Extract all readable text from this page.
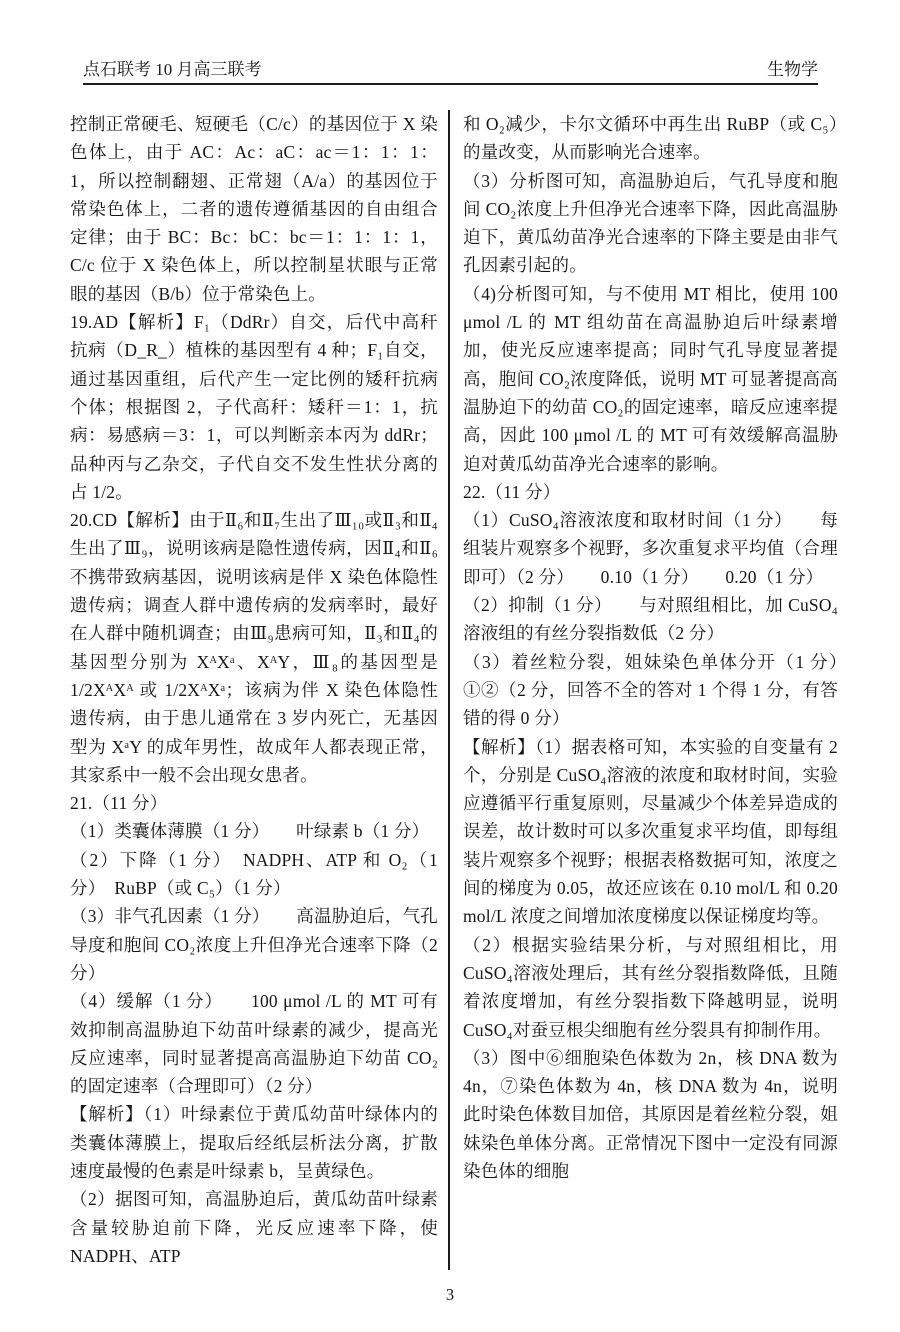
点石联考 10 月高三联考	生物学

控制正常硬毛、短硬毛（C/c）的基因位于 X 染色体上，由于 AC：Ac：aC：ac＝1：1：1：1，所以控制翻翅、正常翅（A/a）的基因位于常染色体上，二者的遗传遵循基因的自由组合定律；由于 BC：Bc：bC：bc＝1：1：1：1，C/c 位于 X 染色体上，所以控制星状眼与正常眼的基因（B/b）位于常染色上。

19.AD【解析】F₁（DdRr）自交，后代中高秆抗病（D_R_）植株的基因型有 4 种；F₁自交，通过基因重组，后代产生一定比例的矮秆抗病个体；根据图 2，子代高秆：矮秆＝1：1，抗病：易感病＝3：1，可以判断亲本丙为 ddRr；品种丙与乙杂交，子代自交不发生性状分离的占 1/2。

20.CD【解析】由于Ⅱ₆和Ⅱ₇生出了Ⅲ₁₀或Ⅱ₃和Ⅱ₄生出了Ⅲ₉，说明该病是隐性遗传病，因Ⅱ₄和Ⅱ₆不携带致病基因，说明该病是伴 X 染色体隐性遗传病；调查人群中遗传病的发病率时，最好在人群中随机调查；由Ⅲ₉患病可知，Ⅱ₃和Ⅱ₄的基因型分别为 XᴬXᵃ、XᴬY，Ⅲ₈的基因型是 1/2XᴬXᴬ 或 1/2XᴬXᵃ；该病为伴 X 染色体隐性遗传病，由于患儿通常在 3 岁内死亡，无基因型为 XᵃY 的成年男性，故成年人都表现正常，其家系中一般不会出现女患者。

21.（11 分）

（1）类囊体薄膜（1 分）　　叶绿素 b（1 分）

（2）下降（1 分）　NADPH、ATP 和 O₂（1 分）　RuBP（或 C₅）（1 分）

（3）非气孔因素（1 分）　　高温胁迫后，气孔导度和胞间 CO₂浓度上升但净光合速率下降（2 分）

（4）缓解（1 分）　　100 μmol /L 的 MT 可有效抑制高温胁迫下幼苗叶绿素的减少，提高光反应速率，同时显著提高高温胁迫下幼苗 CO₂的固定速率（合理即可）（2 分）

【解析】（1）叶绿素位于黄瓜幼苗叶绿体内的类囊体薄膜上，提取后经纸层析法分离，扩散速度最慢的色素是叶绿素 b，呈黄绿色。

（2）据图可知，高温胁迫后，黄瓜幼苗叶绿素含量较胁迫前下降，光反应速率下降，使 NADPH、ATP

和 O₂减少，卡尔文循环中再生出 RuBP（或 C₅）的量改变，从而影响光合速率。

（3）分析图可知，高温胁迫后，气孔导度和胞间 CO₂浓度上升但净光合速率下降，因此高温胁迫下，黄瓜幼苗净光合速率的下降主要是由非气孔因素引起的。

（4)分析图可知，与不使用 MT 相比，使用 100 μmol /L 的 MT 组幼苗在高温胁迫后叶绿素增加，使光反应速率提高；同时气孔导度显著提高，胞间 CO₂浓度降低，说明 MT 可显著提高高温胁迫下的幼苗 CO₂的固定速率，暗反应速率提高，因此 100 μmol /L 的 MT 可有效缓解高温胁迫对黄瓜幼苗净光合速率的影响。

22.（11 分）

（1）CuSO₄溶液浓度和取材时间（1 分）　　每组装片观察多个视野，多次重复求平均值（合理即可）（2 分）　　0.10（1 分）　　0.20（1 分）

（2）抑制（1 分）　　与对照组相比，加 CuSO₄溶液组的有丝分裂指数低（2 分）

（3）着丝粒分裂，姐妹染色单体分开（1 分）　　①②（2 分，回答不全的答对 1 个得 1 分，有答错的得 0 分）

【解析】（1）据表格可知，本实验的自变量有 2 个，分别是 CuSO₄溶液的浓度和取材时间，实验应遵循平行重复原则，尽量减少个体差异造成的误差，故计数时可以多次重复求平均值，即每组装片观察多个视野；根据表格数据可知，浓度之间的梯度为 0.05，故还应该在 0.10 mol/L 和 0.20 mol/L 浓度之间增加浓度梯度以保证梯度均等。

（2）根据实验结果分析，与对照组相比，用 CuSO₄溶液处理后，其有丝分裂指数降低，且随着浓度增加，有丝分裂指数下降越明显，说明 CuSO₄对蚕豆根尖细胞有丝分裂具有抑制作用。

（3）图中⑥细胞染色体数为 2n，核 DNA 数为 4n，⑦染色体数为 4n，核 DNA 数为 4n，说明此时染色体数目加倍，其原因是着丝粒分裂，姐妹染色单体分离。正常情况下图中一定没有同源染色体的细胞

3
